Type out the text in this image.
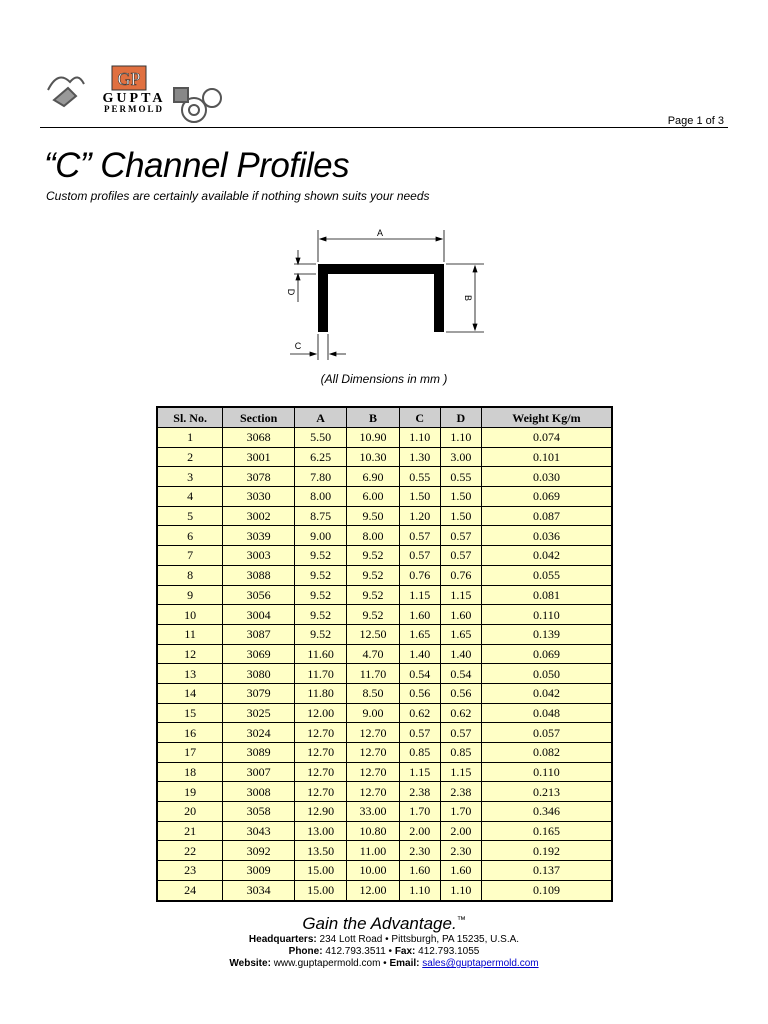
GP
GUPTA
PERMOLD
Page 1 of 3
“C” Channel Profiles
Custom profiles are certainly available if nothing shown suits your needs
A
B
D
C
(All Dimensions in mm )
Sl. No.	Section	A	B	C	D	Weight Kg/m
1	3068	5.50	10.90	1.10	1.10	0.074
2	3001	6.25	10.30	1.30	3.00	0.101
3	3078	7.80	6.90	0.55	0.55	0.030
4	3030	8.00	6.00	1.50	1.50	0.069
5	3002	8.75	9.50	1.20	1.50	0.087
6	3039	9.00	8.00	0.57	0.57	0.036
7	3003	9.52	9.52	0.57	0.57	0.042
8	3088	9.52	9.52	0.76	0.76	0.055
9	3056	9.52	9.52	1.15	1.15	0.081
10	3004	9.52	9.52	1.60	1.60	0.110
11	3087	9.52	12.50	1.65	1.65	0.139
12	3069	11.60	4.70	1.40	1.40	0.069
13	3080	11.70	11.70	0.54	0.54	0.050
14	3079	11.80	8.50	0.56	0.56	0.042
15	3025	12.00	9.00	0.62	0.62	0.048
16	3024	12.70	12.70	0.57	0.57	0.057
17	3089	12.70	12.70	0.85	0.85	0.082
18	3007	12.70	12.70	1.15	1.15	0.110
19	3008	12.70	12.70	2.38	2.38	0.213
20	3058	12.90	33.00	1.70	1.70	0.346
21	3043	13.00	10.80	2.00	2.00	0.165
22	3092	13.50	11.00	2.30	2.30	0.192
23	3009	15.00	10.00	1.60	1.60	0.137
24	3034	15.00	12.00	1.10	1.10	0.109
Gain the Advantage.™
Headquarters: 234 Lott Road • Pittsburgh, PA 15235, U.S.A.
Phone: 412.793.3511 • Fax: 412.793.1055
Website: www.guptapermold.com • Email: sales@guptapermold.com
